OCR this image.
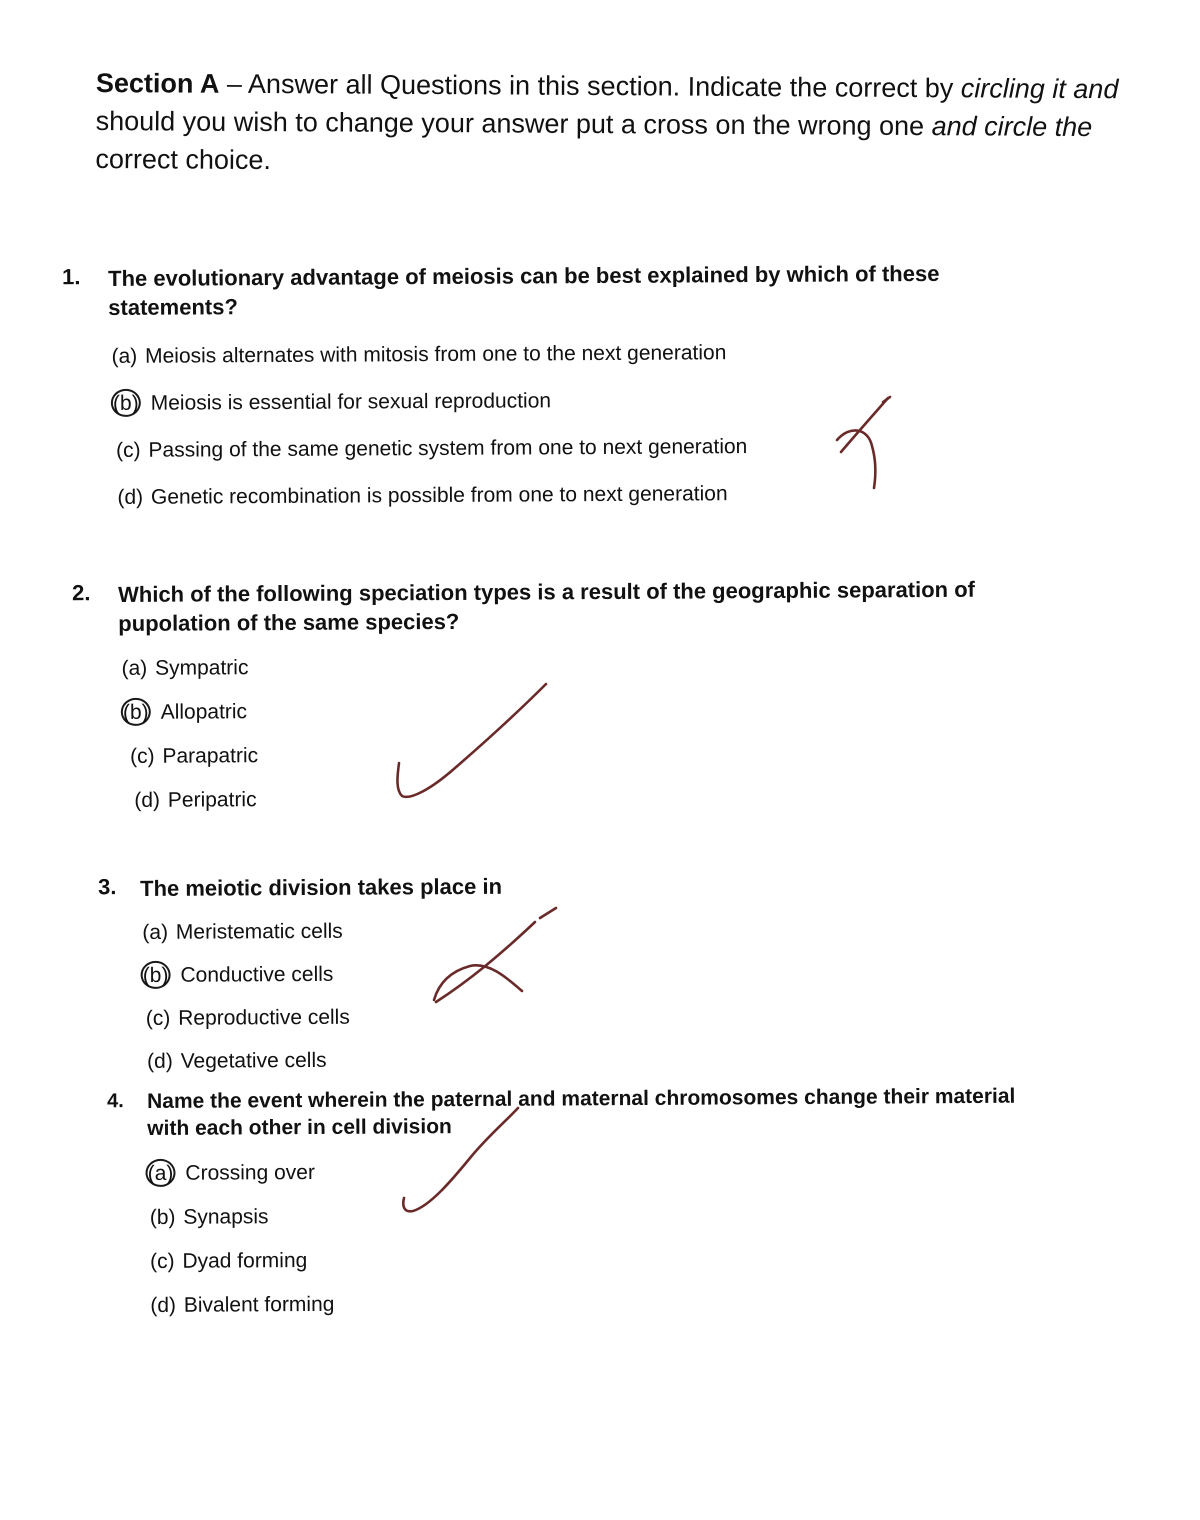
Section A – Answer all Questions in this section. Indicate the correct by circling it and
should you wish to change your answer put a cross on the wrong one and circle the
correct choice.
1. The evolutionary advantage of meiosis can be best explained by which of these
statements?
(a) Meiosis alternates with mitosis from one to the next generation
(b) Meiosis is essential for sexual reproduction
(c) Passing of the same genetic system from one to next generation
(d) Genetic recombination is possible from one to next generation
2. Which of the following speciation types is a result of the geographic separation of
pupolation of the same species?
(a) Sympatric
(b) Allopatric
(c) Parapatric
(d) Peripatric
3. The meiotic division takes place in
(a) Meristematic cells
(b) Conductive cells
(c) Reproductive cells
(d) Vegetative cells
4. Name the event wherein the paternal and maternal chromosomes change their material
with each other in cell division
(a) Crossing over
(b) Synapsis
(c) Dyad forming
(d) Bivalent forming
